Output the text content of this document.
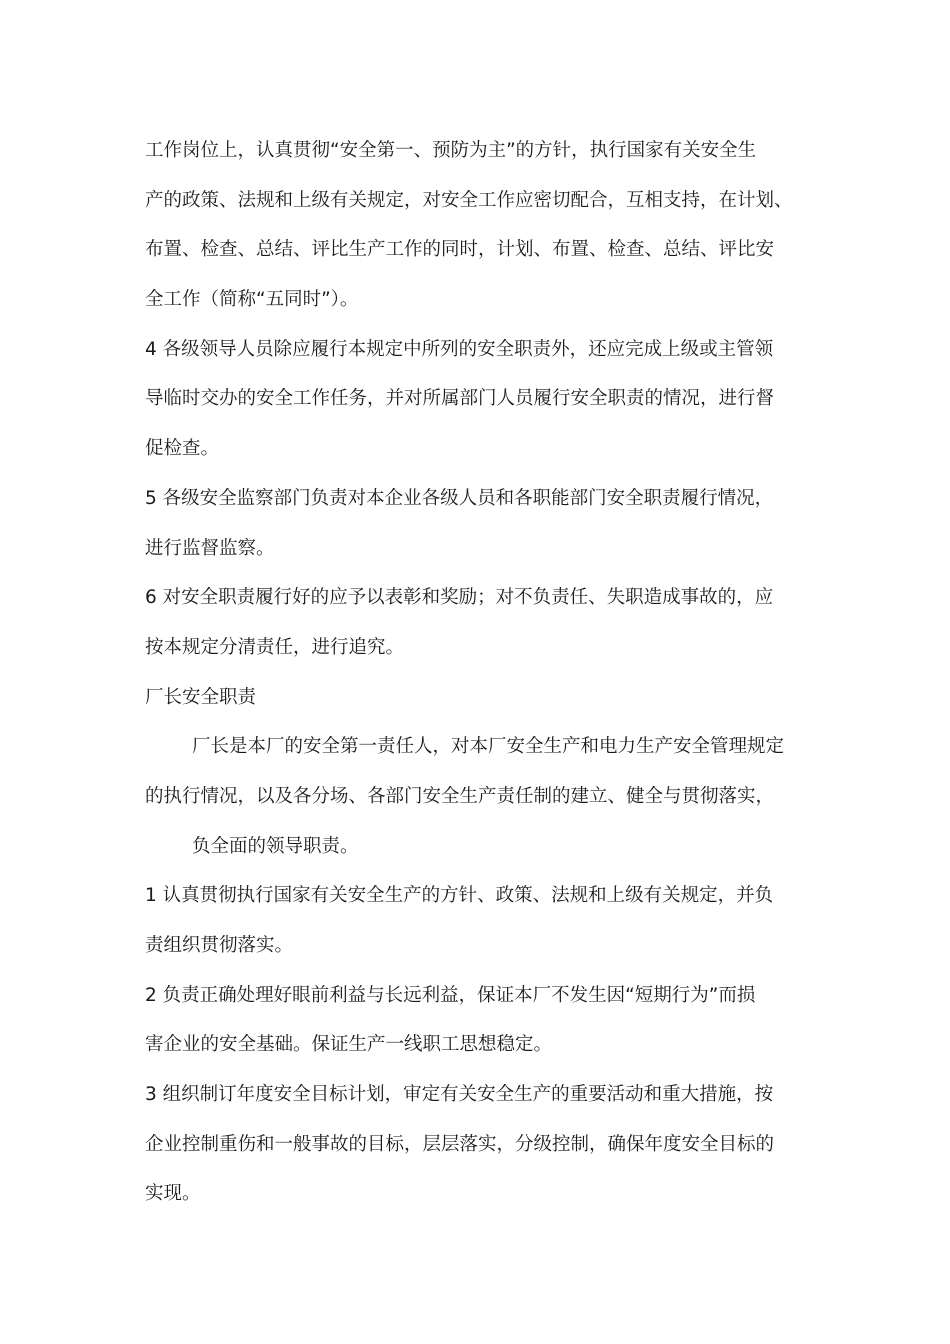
工作岗位上，认真贯彻“安全第一、预防为主”的方针，执行国家有关安全生
产的政策、法规和上级有关规定，对安全工作应密切配合，互相支持，在计划、
布置、检查、总结、评比生产工作的同时，计划、布置、检查、总结、评比安
全工作（简称“五同时”）。
4 各级领导人员除应履行本规定中所列的安全职责外，还应完成上级或主管领
导临时交办的安全工作任务，并对所属部门人员履行安全职责的情况，进行督
促检查。
5 各级安全监察部门负责对本企业各级人员和各职能部门安全职责履行情况，
进行监督监察。
6 对安全职责履行好的应予以表彰和奖励；对不负责任、失职造成事故的，应
按本规定分清责任，进行追究。
厂长安全职责
厂长是本厂的安全第一责任人，对本厂安全生产和电力生产安全管理规定
的执行情况，以及各分场、各部门安全生产责任制的建立、健全与贯彻落实，
负全面的领导职责。
1 认真贯彻执行国家有关安全生产的方针、政策、法规和上级有关规定，并负
责组织贯彻落实。
2 负责正确处理好眼前利益与长远利益，保证本厂不发生因“短期行为”而损
害企业的安全基础。保证生产一线职工思想稳定。
3 组织制订年度安全目标计划，审定有关安全生产的重要活动和重大措施，按
企业控制重伤和一般事故的目标，层层落实，分级控制，确保年度安全目标的
实现。
